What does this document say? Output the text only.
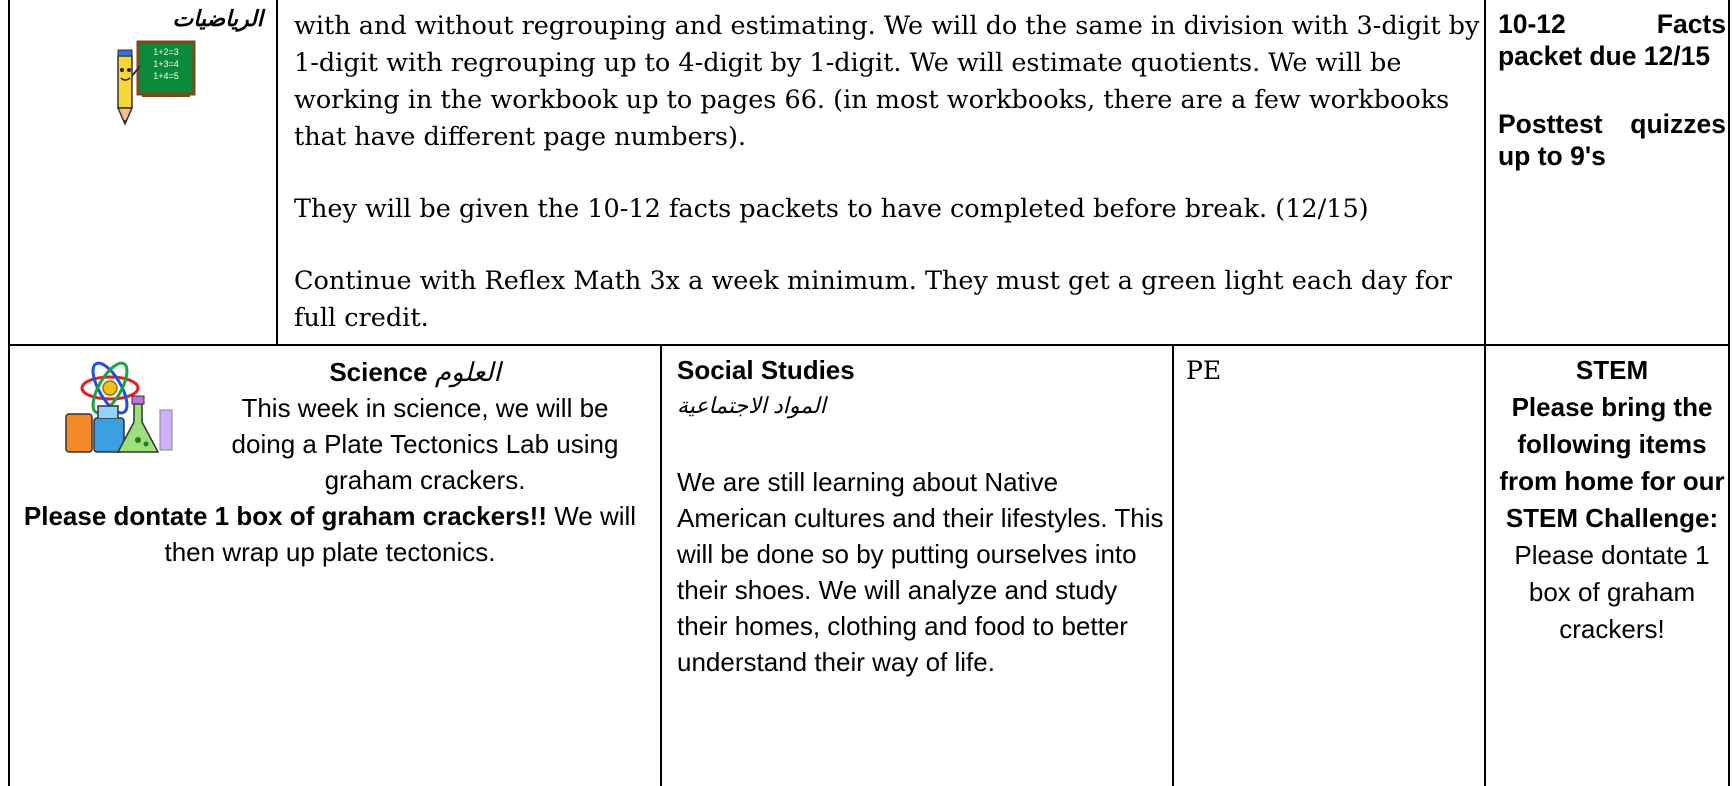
الرياضيات
1+2=3
1+3=4
1+4=5

with and without regrouping and estimating. We will do the same in division with 3-digit by 1-digit with regrouping up to 4-digit by 1-digit. We will estimate quotients. We will be working in the workbook up to pages 66. (in most workbooks, there are a few workbooks that have different page numbers).

They will be given the 10-12 facts packets to have completed before break. (12/15)

Continue with Reflex Math 3x a week minimum. They must get a green light each day for full credit.

10-12 Facts packet due 12/15

Posttest quizzes up to 9's

Science العلوم
This week in science, we will be doing a Plate Tectonics Lab using graham crackers.
Please dontate 1 box of graham crackers!! We will then wrap up plate tectonics.
Social Studies
المواد الاجتماعية
We are still learning about Native American cultures and their lifestyles. This will be done so by putting ourselves into their shoes. We will analyze and study their homes, clothing and food to better understand their way of life.
PE	STEM
Please bring the following items from home for our STEM Challenge:
Please dontate 1 box of graham crackers!
